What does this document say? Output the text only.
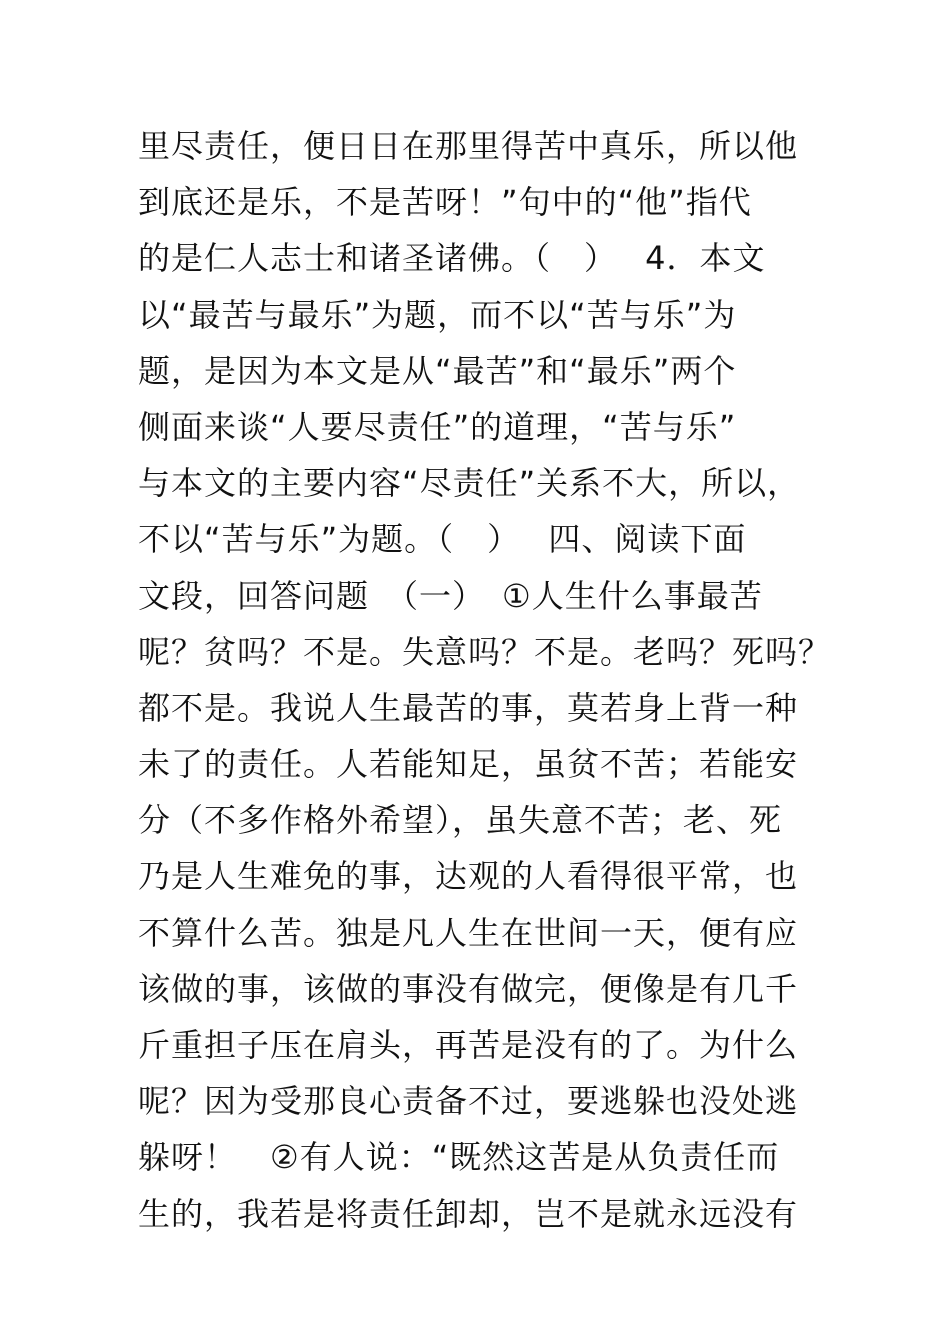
里尽责任，便日日在那里得苦中真乐，所以他
到底还是乐，不是苦呀！”句中的“他”指代
的是仁人志士和诸圣诸佛。（　）　 4．本文
以“最苦与最乐”为题，而不以“苦与乐”为
题，是因为本文是从“最苦”和“最乐”两个
侧面来谈“人要尽责任”的道理，“苦与乐”
与本文的主要内容“尽责任”关系不大，所以，
不以“苦与乐”为题。（　）　 四、阅读下面
文段，回答问题　（一）　①人生什么事最苦
呢？贫吗？不是。失意吗？不是。老吗？死吗？
都不是。我说人生最苦的事，莫若身上背一种
未了的责任。人若能知足，虽贫不苦；若能安
分（不多作格外希望），虽失意不苦；老、死
乃是人生难免的事，达观的人看得很平常，也
不算什么苦。独是凡人生在世间一天，便有应
该做的事，该做的事没有做完，便像是有几千
斤重担子压在肩头，再苦是没有的了。为什么
呢？因为受那良心责备不过，要逃躲也没处逃
躲呀！　②有人说：“既然这苦是从负责任而
生的，我若是将责任卸却，岂不是就永远没有
